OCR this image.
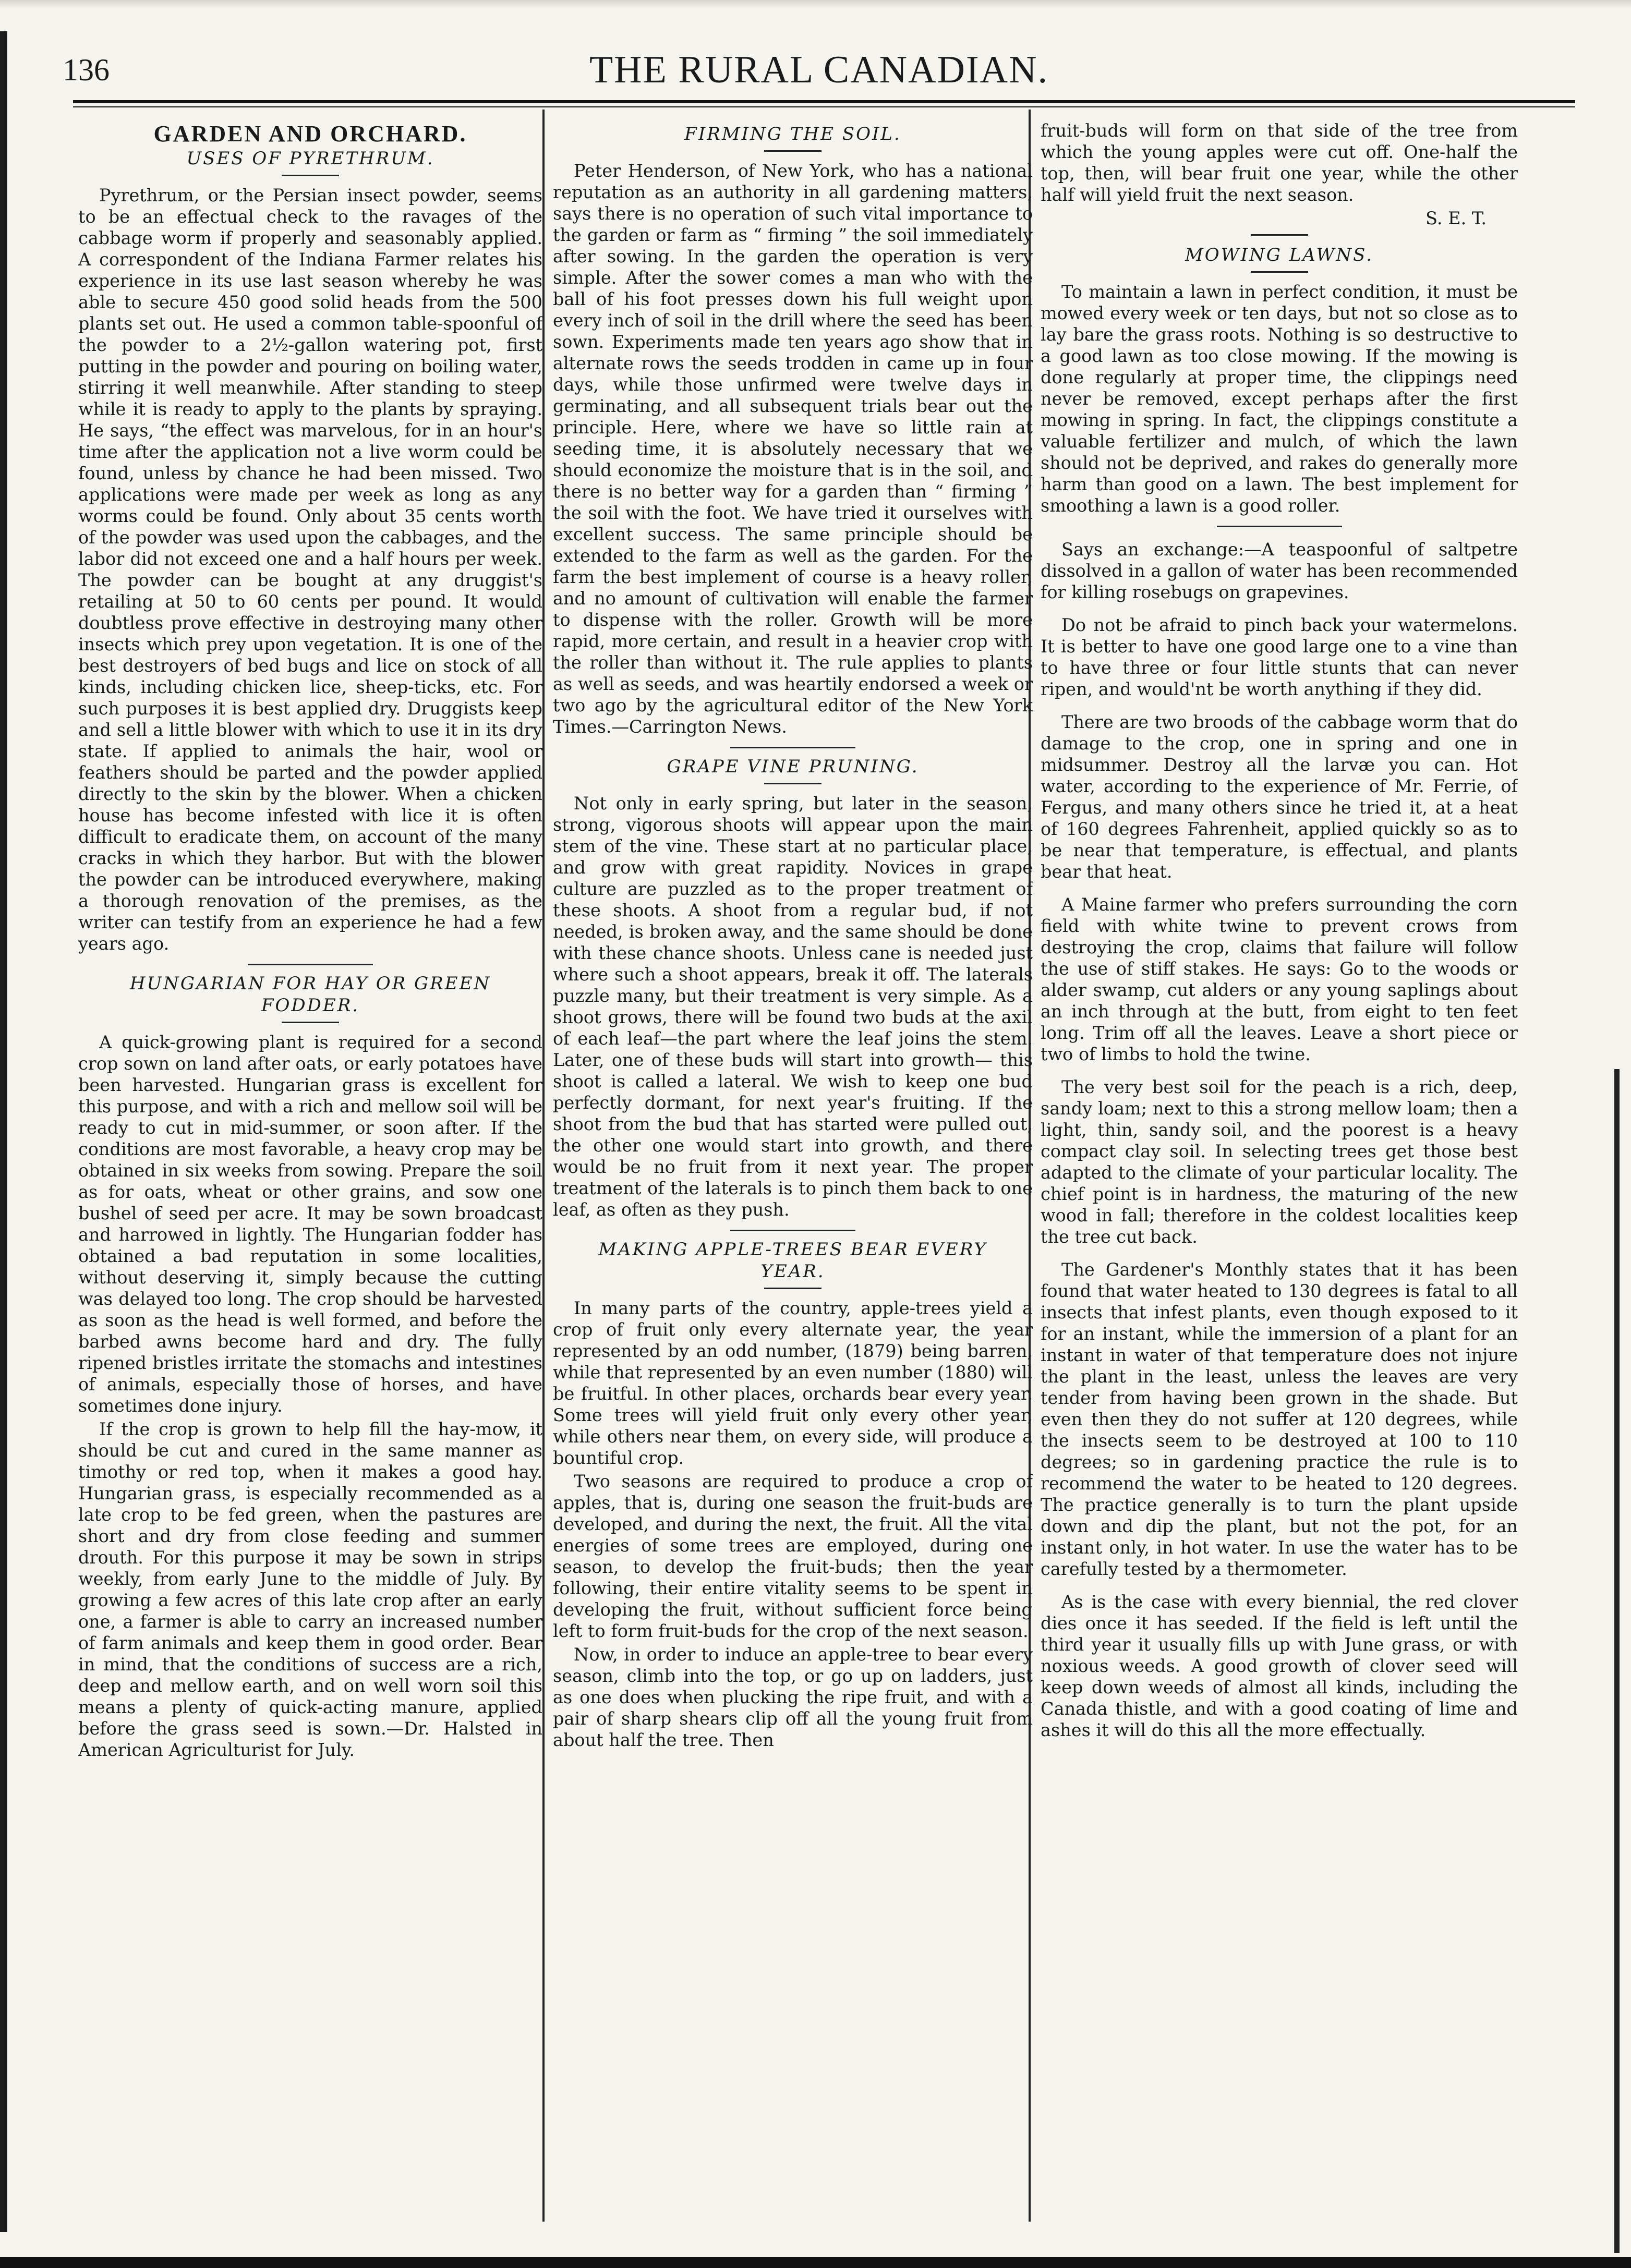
136	THE RURAL CANADIAN.
GARDEN AND ORCHARD.
USES OF PYRETHRUM.

Pyrethrum, or the Persian insect powder, seems to be an effectual check to the ravages of the cabbage worm if properly and seasonably applied. A correspondent of the Indiana Farmer relates his experience in its use last season whereby he was able to secure 450 good solid heads from the 500 plants set out. He used a common table-spoonful of the powder to a 2½-gallon watering pot, first putting in the powder and pouring on boiling water, stirring it well meanwhile. After standing to steep while it is ready to apply to the plants by spraying. He says, “the effect was marvelous, for in an hour's time after the application not a live worm could be found, unless by chance he had been missed. Two applications were made per week as long as any worms could be found. Only about 35 cents worth of the powder was used upon the cabbages, and the labor did not exceed one and a half hours per week. The powder can be bought at any druggist's retailing at 50 to 60 cents per pound. It would doubtless prove effective in destroying many other insects which prey upon vegetation. It is one of the best destroyers of bed bugs and lice on stock of all kinds, including chicken lice, sheep-ticks, etc. For such purposes it is best applied dry. Druggists keep and sell a little blower with which to use it in its dry state. If applied to animals the hair, wool or feathers should be parted and the powder applied directly to the skin by the blower. When a chicken house has become infested with lice it is often difficult to eradicate them, on account of the many cracks in which they harbor. But with the blower the powder can be introduced everywhere, making a thorough renovation of the premises, as the writer can testify from an experience he had a few years ago.

HUNGARIAN FOR HAY OR GREEN FODDER.

A quick-growing plant is required for a second crop sown on land after oats, or early potatoes have been harvested. Hungarian grass is excellent for this purpose, and with a rich and mellow soil will be ready to cut in mid-summer, or soon after. If the conditions are most favorable, a heavy crop may be obtained in six weeks from sowing. Prepare the soil as for oats, wheat or other grains, and sow one bushel of seed per acre. It may be sown broadcast and harrowed in lightly. The Hungarian fodder has obtained a bad reputation in some localities, without deserving it, simply because the cutting was delayed too long. The crop should be harvested as soon as the head is well formed, and before the barbed awns become hard and dry. The fully ripened bristles irritate the stomachs and intestines of animals, especially those of horses, and have sometimes done injury.

If the crop is grown to help fill the hay-mow, it should be cut and cured in the same manner as timothy or red top, when it makes a good hay. Hungarian grass, is especially recommended as a late crop to be fed green, when the pastures are short and dry from close feeding and summer drouth. For this purpose it may be sown in strips weekly, from early June to the middle of July. By growing a few acres of this late crop after an early one, a farmer is able to carry an increased number of farm animals and keep them in good order. Bear in mind, that the conditions of success are a rich, deep and mellow earth, and on well worn soil this means a plenty of quick-acting manure, applied before the grass seed is sown.—Dr. Halsted in American Agriculturist for July.

FIRMING THE SOIL.

Peter Henderson, of New York, who has a national reputation as an authority in all gardening matters, says there is no operation of such vital importance to the garden or farm as “ firming ” the soil immediately after sowing. In the garden the operation is very simple. After the sower comes a man who with the ball of his foot presses down his full weight upon every inch of soil in the drill where the seed has been sown. Experiments made ten years ago show that in alternate rows the seeds trodden in came up in four days, while those unfirmed were twelve days in germinating, and all subsequent trials bear out the principle. Here, where we have so little rain at seeding time, it is absolutely necessary that we should economize the moisture that is in the soil, and there is no better way for a garden than “ firming ” the soil with the foot. We have tried it ourselves with excellent success. The same principle should be extended to the farm as well as the garden. For the farm the best implement of course is a heavy roller, and no amount of cultivation will enable the farmer to dispense with the roller. Growth will be more rapid, more certain, and result in a heavier crop with the roller than without it. The rule applies to plants as well as seeds, and was heartily endorsed a week or two ago by the agricultural editor of the New York Times.—Carrington News.

GRAPE VINE PRUNING.

Not only in early spring, but later in the season, strong, vigorous shoots will appear upon the main stem of the vine. These start at no particular place, and grow with great rapidity. Novices in grape culture are puzzled as to the proper treatment of these shoots. A shoot from a regular bud, if not needed, is broken away, and the same should be done with these chance shoots. Unless cane is needed just where such a shoot appears, break it off. The laterals puzzle many, but their treatment is very simple. As a shoot grows, there will be found two buds at the axil of each leaf—the part where the leaf joins the stem. Later, one of these buds will start into growth— this shoot is called a lateral. We wish to keep one bud perfectly dormant, for next year's fruiting. If the shoot from the bud that has started were pulled out, the other one would start into growth, and there would be no fruit from it next year. The proper treatment of the laterals is to pinch them back to one leaf, as often as they push.

MAKING APPLE-TREES BEAR EVERY YEAR.

In many parts of the country, apple-trees yield a crop of fruit only every alternate year, the year represented by an odd number, (1879) being barren, while that represented by an even number (1880) will be fruitful. In other places, orchards bear every year. Some trees will yield fruit only every other year, while others near them, on every side, will produce a bountiful crop.

Two seasons are required to produce a crop of apples, that is, during one season the fruit-buds are developed, and during the next, the fruit. All the vital energies of some trees are employed, during one season, to develop the fruit-buds; then the year following, their entire vitality seems to be spent in developing the fruit, without sufficient force being left to form fruit-buds for the crop of the next season.

Now, in order to induce an apple-tree to bear every season, climb into the top, or go up on ladders, just as one does when plucking the ripe fruit, and with a pair of sharp shears clip off all the young fruit from about half the tree. Then

fruit-buds will form on that side of the tree from which the young apples were cut off. One-half the top, then, will bear fruit one year, while the other half will yield fruit the next season.

S. E. T.

MOWING LAWNS.

To maintain a lawn in perfect condition, it must be mowed every week or ten days, but not so close as to lay bare the grass roots. Nothing is so destructive to a good lawn as too close mowing. If the mowing is done regularly at proper time, the clippings need never be removed, except perhaps after the first mowing in spring. In fact, the clippings constitute a valuable fertilizer and mulch, of which the lawn should not be deprived, and rakes do generally more harm than good on a lawn. The best implement for smoothing a lawn is a good roller.

Says an exchange:—A teaspoonful of saltpetre dissolved in a gallon of water has been recommended for killing rosebugs on grapevines.

Do not be afraid to pinch back your watermelons. It is better to have one good large one to a vine than to have three or four little stunts that can never ripen, and would'nt be worth anything if they did.

There are two broods of the cabbage worm that do damage to the crop, one in spring and one in midsummer. Destroy all the larvæ you can. Hot water, according to the experience of Mr. Ferrie, of Fergus, and many others since he tried it, at a heat of 160 degrees Fahrenheit, applied quickly so as to be near that temperature, is effectual, and plants bear that heat.

A Maine farmer who prefers surrounding the corn field with white twine to prevent crows from destroying the crop, claims that failure will follow the use of stiff stakes. He says: Go to the woods or alder swamp, cut alders or any young saplings about an inch through at the butt, from eight to ten feet long. Trim off all the leaves. Leave a short piece or two of limbs to hold the twine.

The very best soil for the peach is a rich, deep, sandy loam; next to this a strong mellow loam; then a light, thin, sandy soil, and the poorest is a heavy compact clay soil. In selecting trees get those best adapted to the climate of your particular locality. The chief point is in hardness, the maturing of the new wood in fall; therefore in the coldest localities keep the tree cut back.

The Gardener's Monthly states that it has been found that water heated to 130 degrees is fatal to all insects that infest plants, even though exposed to it for an instant, while the immersion of a plant for an instant in water of that temperature does not injure the plant in the least, unless the leaves are very tender from having been grown in the shade. But even then they do not suffer at 120 degrees, while the insects seem to be destroyed at 100 to 110 degrees; so in gardening practice the rule is to recommend the water to be heated to 120 degrees. The practice generally is to turn the plant upside down and dip the plant, but not the pot, for an instant only, in hot water. In use the water has to be carefully tested by a thermometer.

As is the case with every biennial, the red clover dies once it has seeded. If the field is left until the third year it usually fills up with June grass, or with noxious weeds. A good growth of clover seed will keep down weeds of almost all kinds, including the Canada thistle, and with a good coating of lime and ashes it will do this all the more effectually.
